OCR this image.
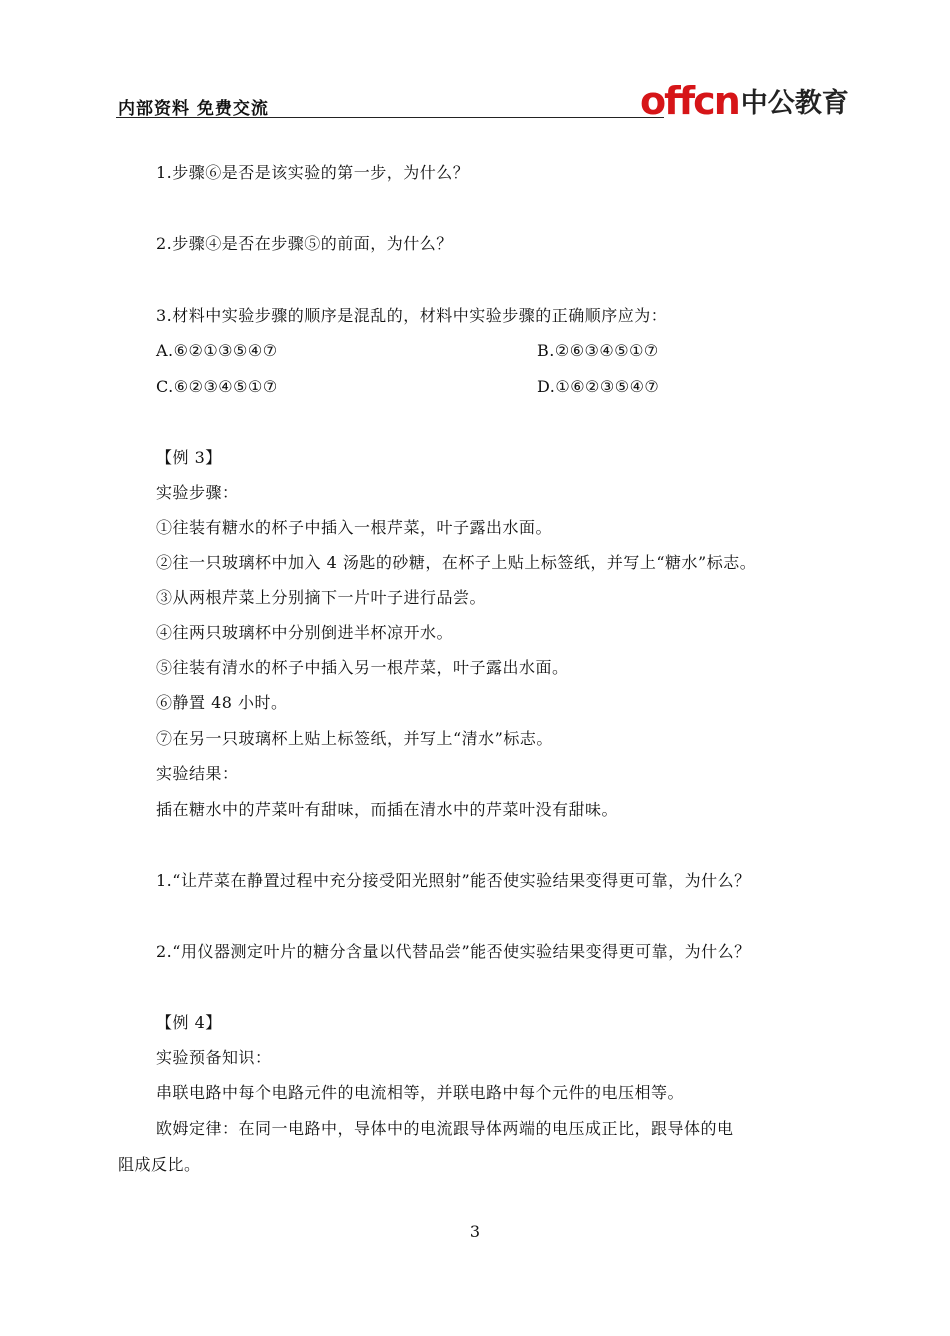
内部资料 免费交流	offcn 中公教育
1.步骤⑥是否是该实验的第一步，为什么？
2.步骤④是否在步骤⑤的前面，为什么？
3.材料中实验步骤的顺序是混乱的，材料中实验步骤的正确顺序应为：
A.⑥②①③⑤④⑦	B.②⑥③④⑤①⑦
C.⑥②③④⑤①⑦	D.①⑥②③⑤④⑦
【例 3】
实验步骤：
①往装有糖水的杯子中插入一根芹菜，叶子露出水面。
②往一只玻璃杯中加入 4 汤匙的砂糖，在杯子上贴上标签纸，并写上“糖水”标志。
③从两根芹菜上分别摘下一片叶子进行品尝。
④往两只玻璃杯中分别倒进半杯凉开水。
⑤往装有清水的杯子中插入另一根芹菜，叶子露出水面。
⑥静置 48 小时。
⑦在另一只玻璃杯上贴上标签纸，并写上“清水”标志。
实验结果：
插在糖水中的芹菜叶有甜味，而插在清水中的芹菜叶没有甜味。
1.“让芹菜在静置过程中充分接受阳光照射”能否使实验结果变得更可靠，为什么？
2.“用仪器测定叶片的糖分含量以代替品尝”能否使实验结果变得更可靠，为什么？
【例 4】
实验预备知识：
串联电路中每个电路元件的电流相等，并联电路中每个元件的电压相等。
欧姆定律：在同一电路中，导体中的电流跟导体两端的电压成正比，跟导体的电
阻成反比。
3
